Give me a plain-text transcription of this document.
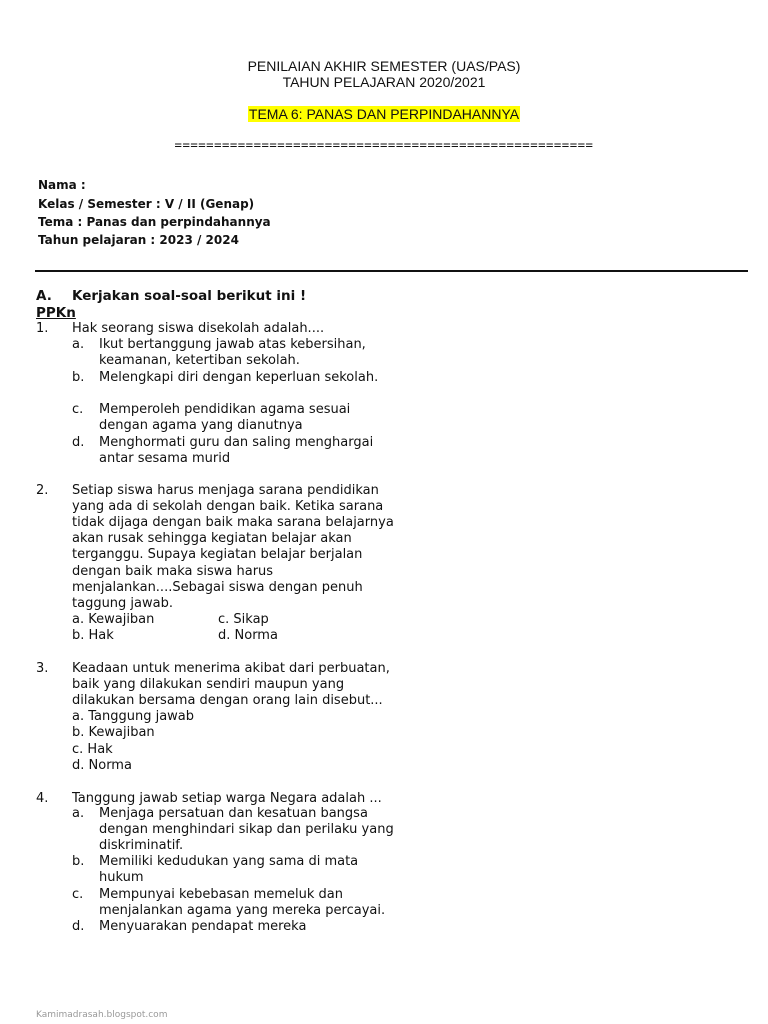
PENILAIAN AKHIR SEMESTER (UAS/PAS)
TAHUN PELAJARAN 2020/2021
TEMA 6: PANAS DAN PERPINDAHANNYA
=====================================================
Nama :
Kelas / Semester : V / II (Genap)
Tema : Panas dan perpindahannya
Tahun pelajaran : 2023 / 2024
A. Kerjakan soal-soal berikut ini !
PPKn
1. Hak seorang siswa disekolah adalah....
a. Ikut bertanggung jawab atas kebersihan,
keamanan, ketertiban sekolah.
b. Melengkapi diri dengan keperluan sekolah.
c. Memperoleh pendidikan agama sesuai
dengan agama yang dianutnya
d. Menghormati guru dan saling menghargai
antar sesama murid
2. Setiap siswa harus menjaga sarana pendidikan
yang ada di sekolah dengan baik. Ketika sarana
tidak dijaga dengan baik maka sarana belajarnya
akan rusak sehingga kegiatan belajar akan
terganggu. Supaya kegiatan belajar berjalan
dengan baik maka siswa harus
menjalankan....Sebagai siswa dengan penuh
taggung jawab.
a. Kewajiban	c. Sikap
b. Hak	d. Norma
3. Keadaan untuk menerima akibat dari perbuatan,
baik yang dilakukan sendiri maupun yang
dilakukan bersama dengan orang lain disebut...
a. Tanggung jawab
b. Kewajiban
c. Hak
d. Norma
4. Tanggung jawab setiap warga Negara adalah ...
a. Menjaga persatuan dan kesatuan bangsa
dengan menghindari sikap dan perilaku yang
diskriminatif.
b. Memiliki kedudukan yang sama di mata
hukum
c. Mempunyai kebebasan memeluk dan
menjalankan agama yang mereka percayai.
d. Menyuarakan pendapat mereka
Kamimadrasah.blogspot.com
